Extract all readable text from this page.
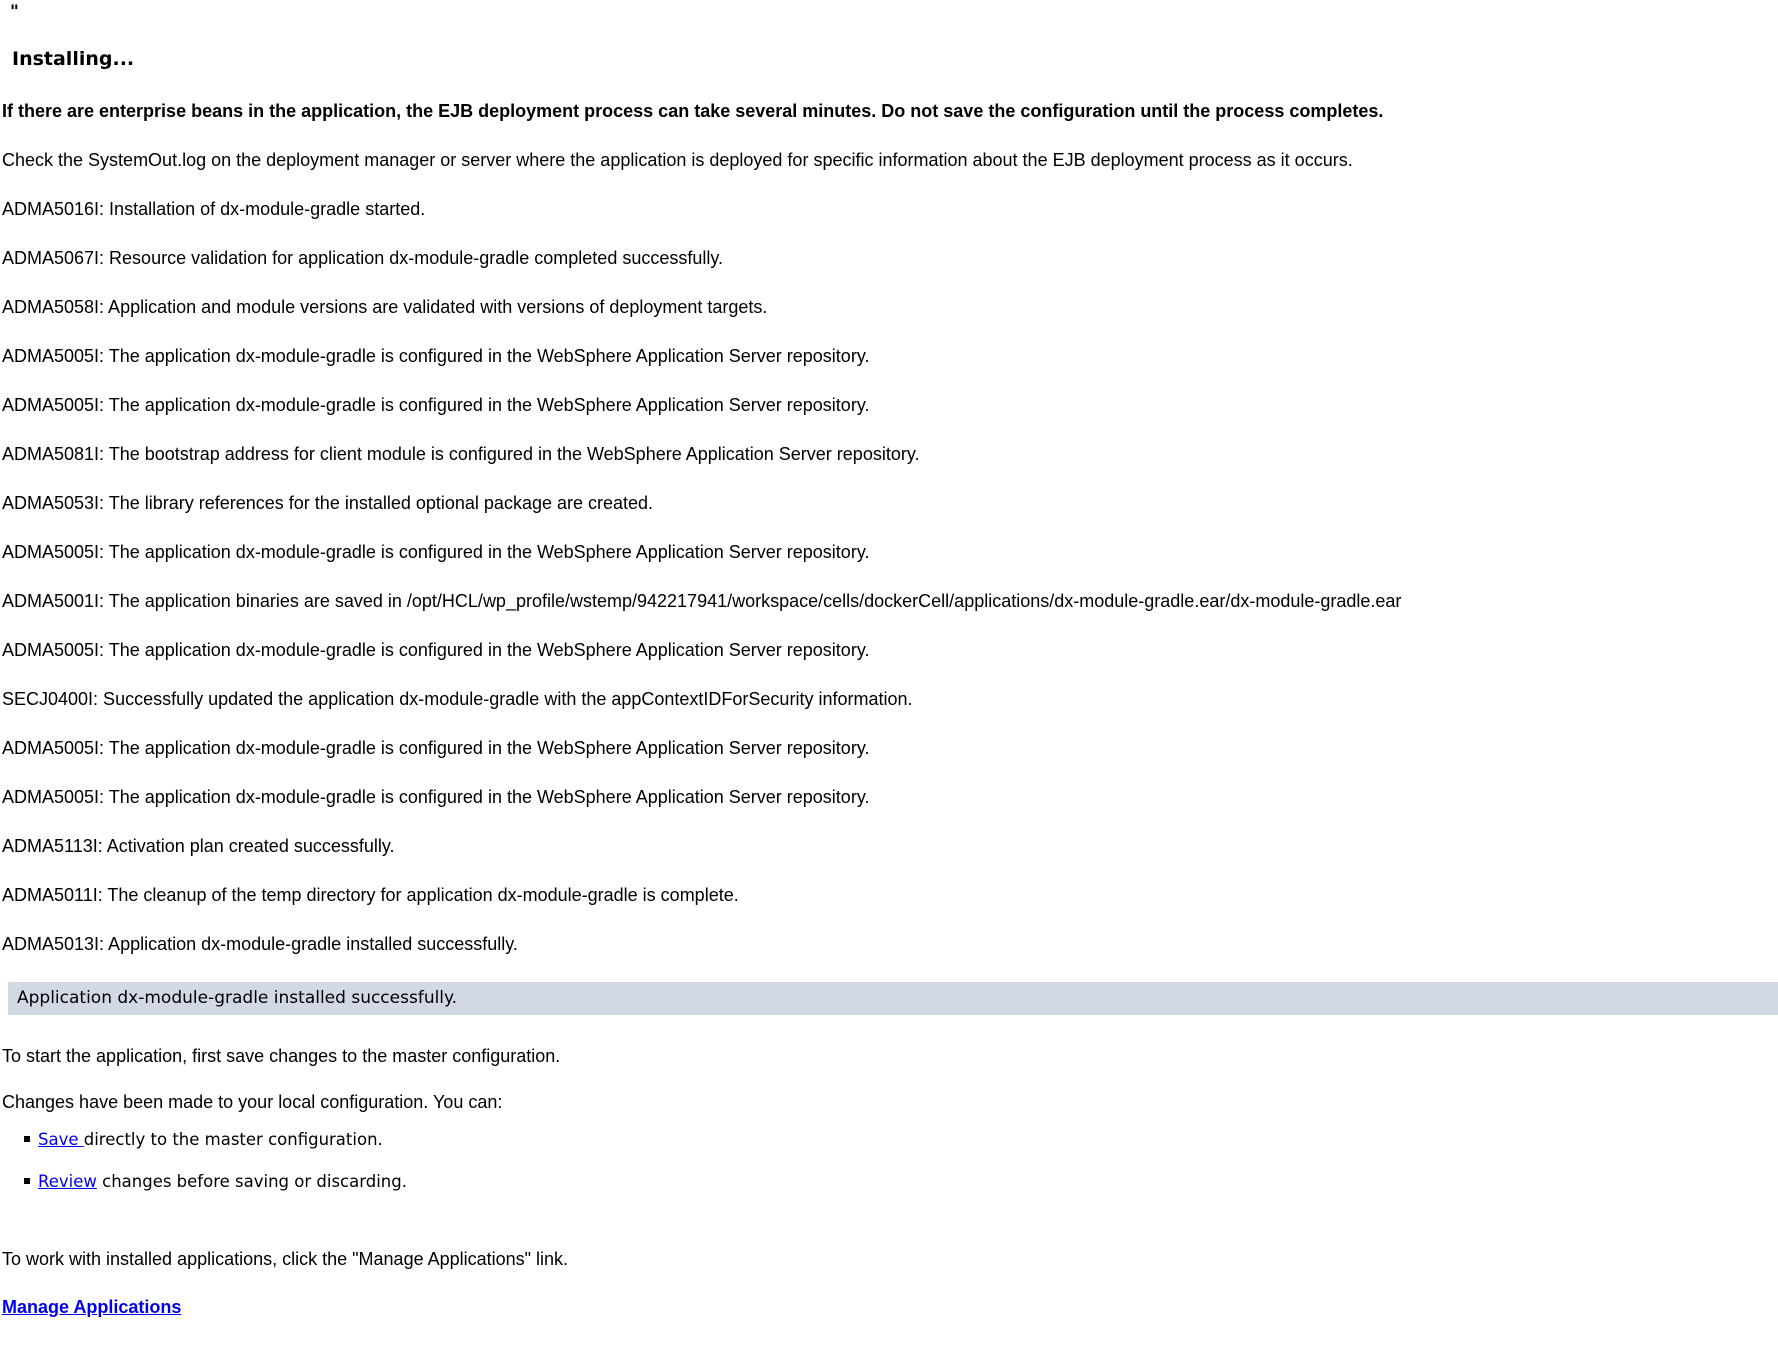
"
Installing...

If there are enterprise beans in the application, the EJB deployment process can take several minutes. Do not save the configuration until the process completes.

Check the SystemOut.log on the deployment manager or server where the application is deployed for specific information about the EJB deployment process as it occurs.

ADMA5016I: Installation of dx-module-gradle started.

ADMA5067I: Resource validation for application dx-module-gradle completed successfully.

ADMA5058I: Application and module versions are validated with versions of deployment targets.

ADMA5005I: The application dx-module-gradle is configured in the WebSphere Application Server repository.

ADMA5005I: The application dx-module-gradle is configured in the WebSphere Application Server repository.

ADMA5081I: The bootstrap address for client module is configured in the WebSphere Application Server repository.

ADMA5053I: The library references for the installed optional package are created.

ADMA5005I: The application dx-module-gradle is configured in the WebSphere Application Server repository.

ADMA5001I: The application binaries are saved in /opt/HCL/wp_profile/wstemp/942217941/workspace/cells/dockerCell/applications/dx-module-gradle.ear/dx-module-gradle.ear

ADMA5005I: The application dx-module-gradle is configured in the WebSphere Application Server repository.

SECJ0400I: Successfully updated the application dx-module-gradle with the appContextIDForSecurity information.

ADMA5005I: The application dx-module-gradle is configured in the WebSphere Application Server repository.

ADMA5005I: The application dx-module-gradle is configured in the WebSphere Application Server repository.

ADMA5113I: Activation plan created successfully.

ADMA5011I: The cleanup of the temp directory for application dx-module-gradle is complete.

ADMA5013I: Application dx-module-gradle installed successfully.

Application dx-module-gradle installed successfully.

To start the application, first save changes to the master configuration.

Changes have been made to your local configuration. You can:

Save directly to the master configuration.
Review changes before saving or discarding.

To work with installed applications, click the "Manage Applications" link.

Manage Applications
